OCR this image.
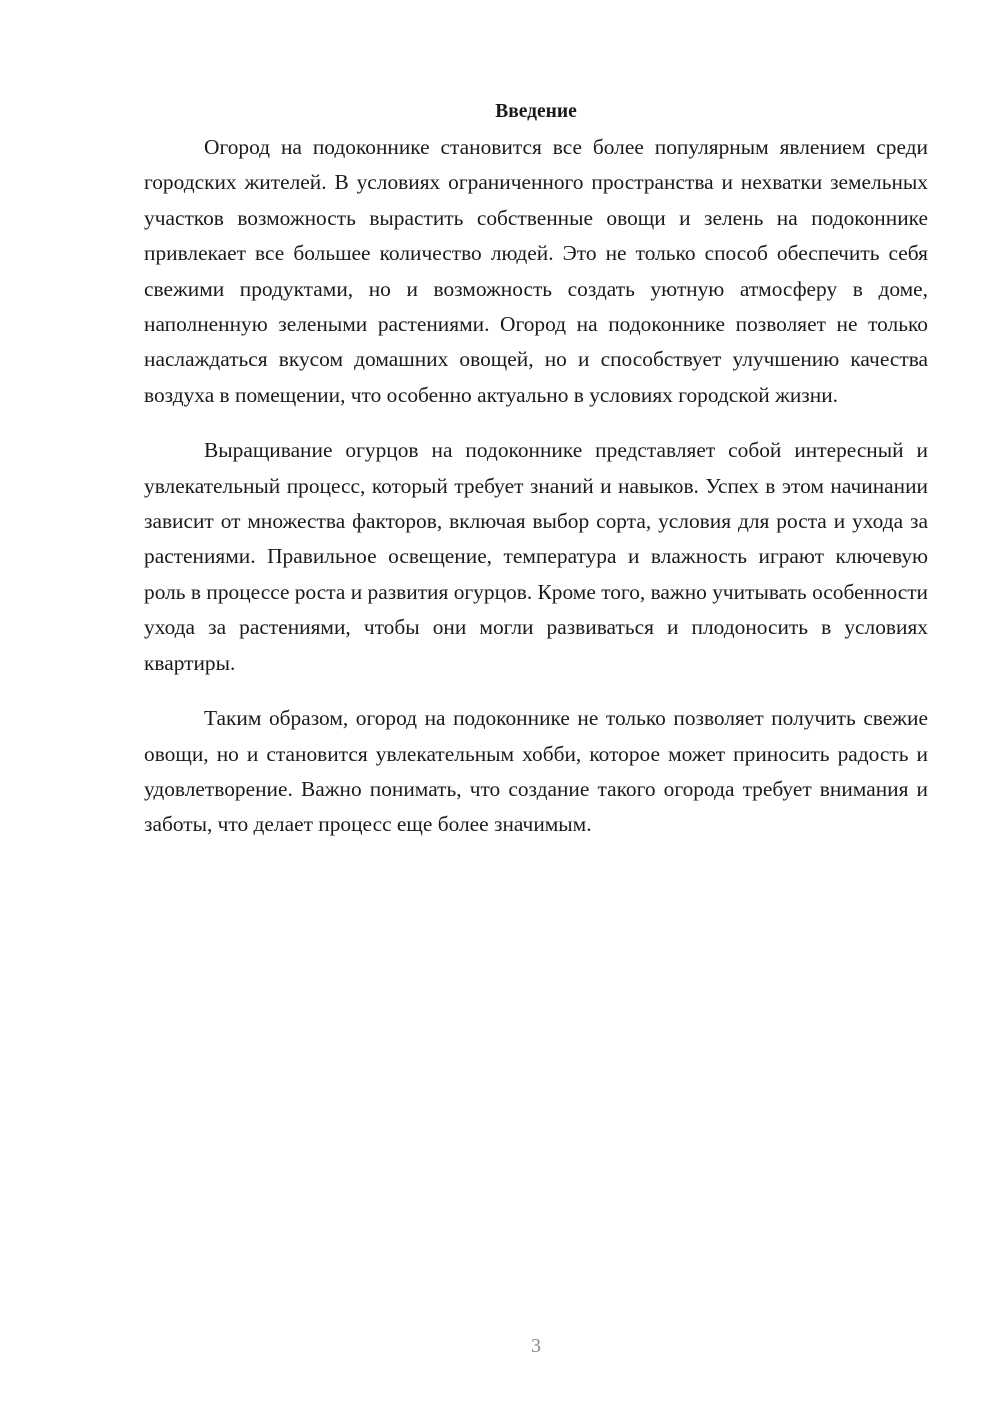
Введение

Огород на подоконнике становится все более популярным явлением среди городских жителей. В условиях ограниченного пространства и нехватки земельных участков возможность вырастить собственные овощи и зелень на подоконнике привлекает все большее количество людей. Это не только способ обеспечить себя свежими продуктами, но и возможность создать уютную атмосферу в доме, наполненную зелеными растениями. Огород на подоконнике позволяет не только наслаждаться вкусом домашних овощей, но и способствует улучшению качества воздуха в помещении, что особенно актуально в условиях городской жизни.

Выращивание огурцов на подоконнике представляет собой интересный и увлекательный процесс, который требует знаний и навыков. Успех в этом начинании зависит от множества факторов, включая выбор сорта, условия для роста и ухода за растениями. Правильное освещение, температура и влажность играют ключевую роль в процессе роста и развития огурцов. Кроме того, важно учитывать особенности ухода за растениями, чтобы они могли развиваться и плодоносить в условиях квартиры.

Таким образом, огород на подоконнике не только позволяет получить свежие овощи, но и становится увлекательным хобби, которое может приносить радость и удовлетворение. Важно понимать, что создание такого огорода требует внимания и заботы, что делает процесс еще более значимым.

3
